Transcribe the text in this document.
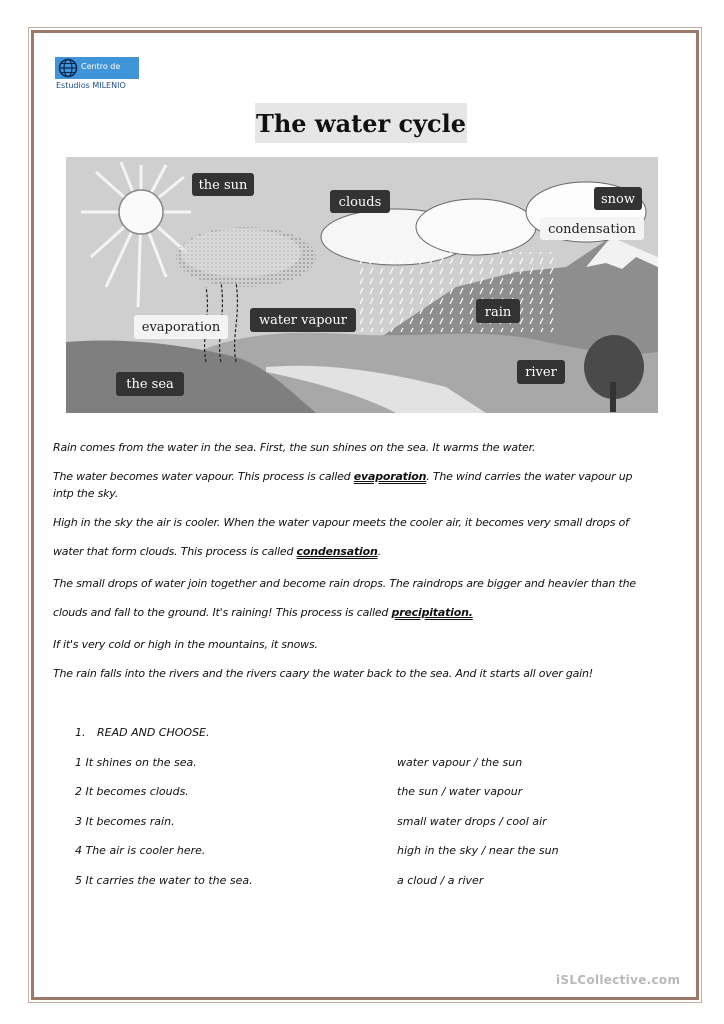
Centro de
Estudios MILENIO
The water cycle
the sun
clouds	snow
condensation
evaporation	water vapour
rain
river
the sea
Rain comes from the water in the sea. First, the sun shines on the sea. It warms the water.
The water becomes water vapour. This process is called evaporation. The wind carries the water vapour up
intp the sky.
High in the sky the air is cooler. When the water vapour meets the cooler air, it becomes very small drops of
water that form clouds. This process is called condensation.
The small drops of water join together and become rain drops. The raindrops are bigger and heavier than the
clouds and fall to the ground. It's raining! This process is called precipitation.
If it's very cold or high in the mountains, it snows.
The rain falls into the rivers and the rivers caary the water back to the sea. And it starts all over gain!
1. READ AND CHOOSE.
1 It shines on the sea.	water vapour / the sun
2 It becomes clouds.	the sun / water vapour
3 It becomes rain.	small water drops / cool air
4 The air is cooler here.	high in the sky / near the sun
5 It carries the water to the sea.	a cloud / a river
iSLCollective.com
